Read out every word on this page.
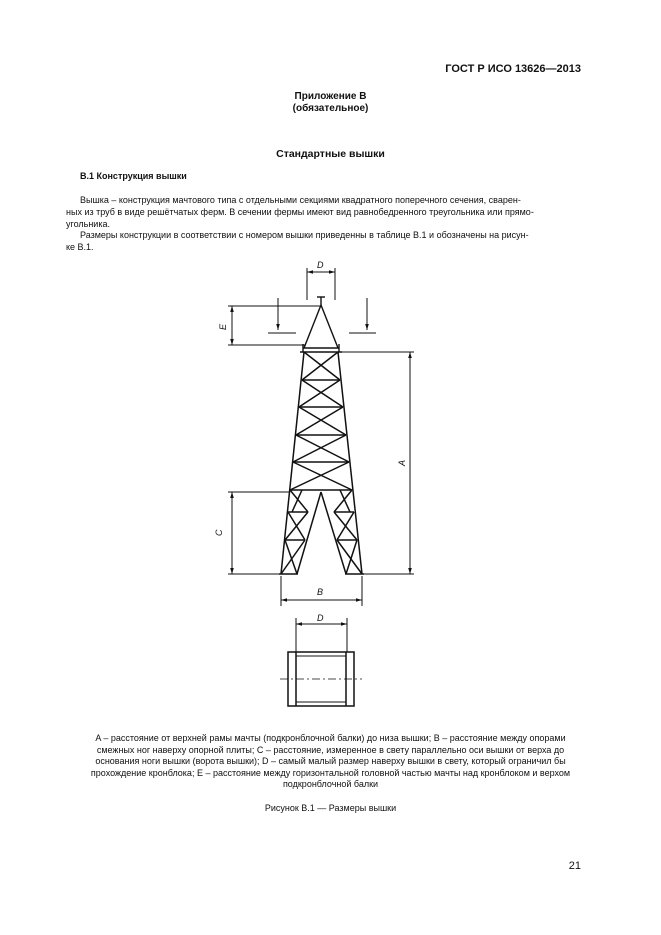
ГОСТ Р ИСО 13626—2013
Приложение В
(обязательное)
Стандартные вышки
В.1 Конструкция вышки
Вышка – конструкция мачтового типа с отдельными секциями квадратного поперечного сечения, сварен-
ных из труб в виде решётчатых ферм. В сечении фермы имеют вид равнобедренного треугольника или прямо-
угольника.
Размеры конструкции в соответствии с номером вышки приведенны в таблице В.1 и обозначены на рисун-
ке В.1.
D
E
A
C
B
D
A – расстояние от верхней рамы мачты (подкронблочной балки) до низа вышки; B – расстояние между опорами
смежных ног наверху опорной плиты; C – расстояние, измеренное в свету параллельно оси вышки от верха до
основания ноги вышки (ворота вышки); D – самый малый размер наверху вышки в свету, который ограничил бы
прохождение кронблока; E – расстояние между горизонтальной головной частью мачты над кронблоком и верхом
подкронблочной балки
Рисунок В.1 — Размеры вышки
21
